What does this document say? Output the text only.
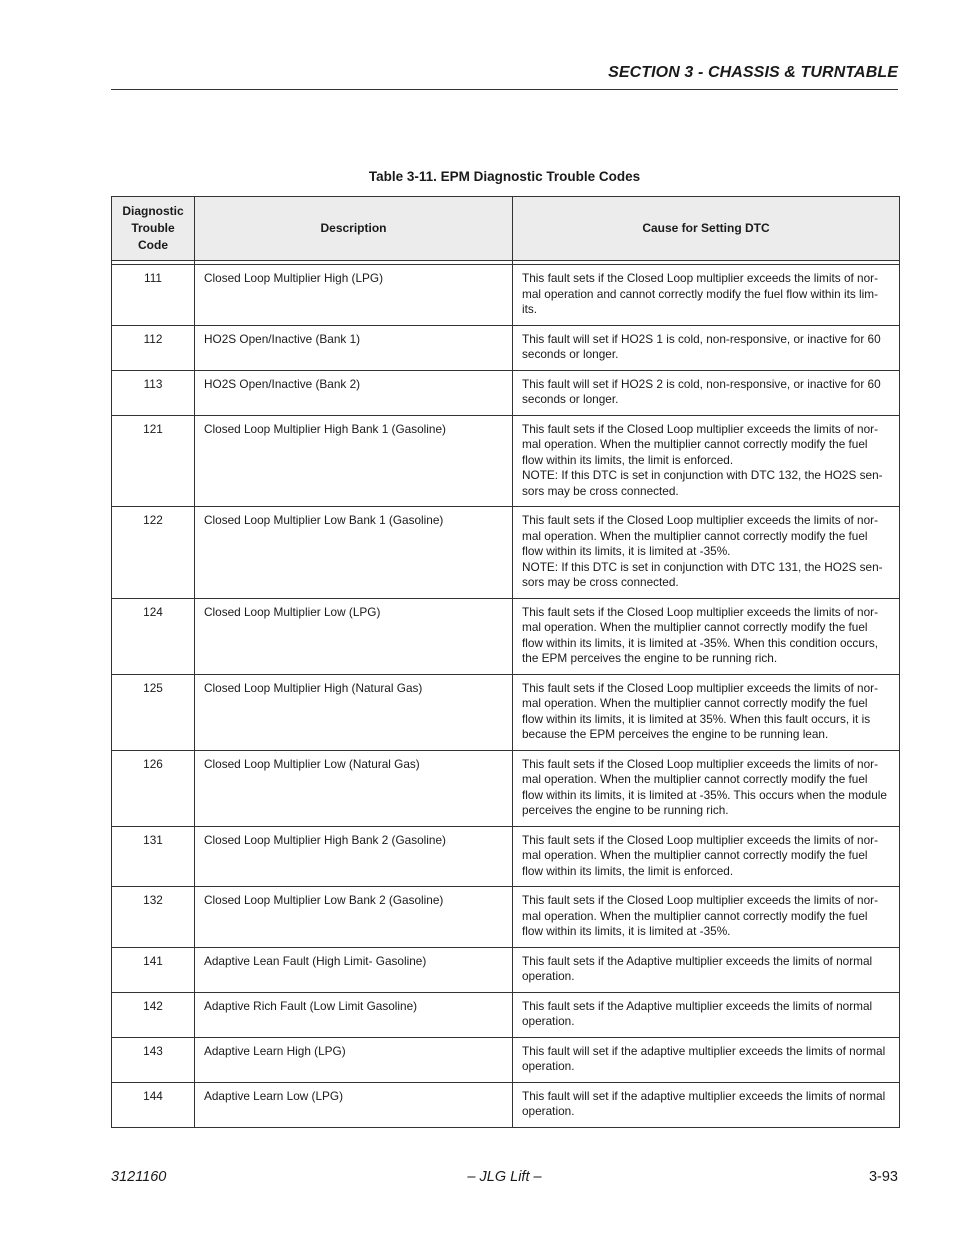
SECTION 3 - CHASSIS & TURNTABLE
Table 3-11. EPM Diagnostic Trouble Codes
Diagnostic
Trouble
Code	Description	Cause for Setting DTC

111	Closed Loop Multiplier High (LPG)	This fault sets if the Closed Loop multiplier exceeds the limits of nor-mal operation and cannot correctly modify the fuel flow within its lim-its.
112	HO2S Open/Inactive (Bank 1)	This fault will set if HO2S 1 is cold, non-responsive, or inactive for 60 seconds or longer.
113	HO2S Open/Inactive (Bank 2)	This fault will set if HO2S 2 is cold, non-responsive, or inactive for 60 seconds or longer.
121	Closed Loop Multiplier High Bank 1 (Gasoline)	This fault sets if the Closed Loop multiplier exceeds the limits of nor-mal operation. When the multiplier cannot correctly modify the fuel flow within its limits, the limit is enforced.
NOTE: If this DTC is set in conjunction with DTC 132, the HO2S sen-sors may be cross connected.

122	Closed Loop Multiplier Low Bank 1 (Gasoline)	This fault sets if the Closed Loop multiplier exceeds the limits of nor-mal operation. When the multiplier cannot correctly modify the fuel flow within its limits, it is limited at -35%.
NOTE: If this DTC is set in conjunction with DTC 131, the HO2S sen-sors may be cross connected.

124	Closed Loop Multiplier Low (LPG)	This fault sets if the Closed Loop multiplier exceeds the limits of nor-mal operation. When the multiplier cannot correctly modify the fuel flow within its limits, it is limited at -35%. When this condition occurs, the EPM perceives the engine to be running rich.
125	Closed Loop Multiplier High (Natural Gas)	This fault sets if the Closed Loop multiplier exceeds the limits of nor-mal operation. When the multiplier cannot correctly modify the fuel flow within its limits, it is limited at 35%. When this fault occurs, it is because the EPM perceives the engine to be running lean.
126	Closed Loop Multiplier Low (Natural Gas)	This fault sets if the Closed Loop multiplier exceeds the limits of nor-mal operation. When the multiplier cannot correctly modify the fuel flow within its limits, it is limited at -35%. This occurs when the module perceives the engine to be running rich.
131	Closed Loop Multiplier High Bank 2 (Gasoline)	This fault sets if the Closed Loop multiplier exceeds the limits of nor-mal operation. When the multiplier cannot correctly modify the fuel flow within its limits, the limit is enforced.
132	Closed Loop Multiplier Low Bank 2 (Gasoline)	This fault sets if the Closed Loop multiplier exceeds the limits of nor-mal operation. When the multiplier cannot correctly modify the fuel flow within its limits, it is limited at -35%.
141	Adaptive Lean Fault (High Limit- Gasoline)	This fault sets if the Adaptive multiplier exceeds the limits of normal operation.
142	Adaptive Rich Fault (Low Limit Gasoline)	This fault sets if the Adaptive multiplier exceeds the limits of normal operation.
143	Adaptive Learn High (LPG)	This fault will set if the adaptive multiplier exceeds the limits of normal operation.
144	Adaptive Learn Low (LPG)	This fault will set if the adaptive multiplier exceeds the limits of normal operation.
3121160	– JLG Lift –	3-93
